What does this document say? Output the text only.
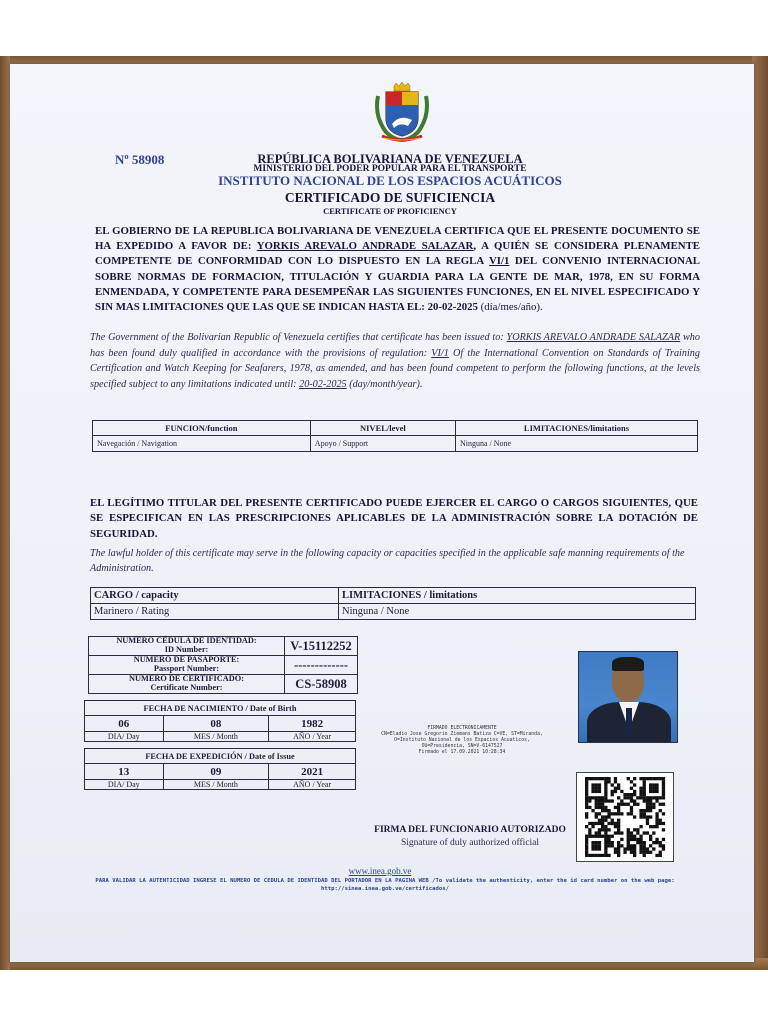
Nº 58908	REPÚBLICA BOLIVARIANA DE VENEZUELA
MINISTERIO DEL PODER POPULAR PARA EL TRANSPORTE
INSTITUTO NACIONAL DE LOS ESPACIOS ACUÁTICOS
CERTIFICADO DE SUFICIENCIA
CERTIFICATE OF PROFICIENCY
EL GOBIERNO DE LA REPUBLICA BOLIVARIANA DE VENEZUELA CERTIFICA QUE EL PRESENTE DOCUMENTO SE HA EXPEDIDO A FAVOR DE: YORKIS AREVALO ANDRADE SALAZAR, A QUIÉN SE CONSIDERA PLENAMENTE COMPETENTE DE CONFORMIDAD CON LO DISPUESTO EN LA REGLA VI/1 DEL CONVENIO INTERNACIONAL SOBRE NORMAS DE FORMACION, TITULACIÓN Y GUARDIA PARA LA GENTE DE MAR, 1978, EN SU FORMA ENMENDADA, Y COMPETENTE PARA DESEMPEÑAR LAS SIGUIENTES FUNCIONES, EN EL NIVEL ESPECIFICADO Y SIN MAS LIMITACIONES QUE LAS QUE SE INDICAN HASTA EL: 20-02-2025 (día/mes/año).
The Government of the Bolivarian Republic of Venezuela certifies that certificate has been issued to: YORKIS AREVALO ANDRADE SALAZAR who has been found duly qualified in accordance with the provisions of regulation: VI/1 Of the International Convention on Standards of Training Certification and Watch Keeping for Seafarers, 1978, as amended, and has been found competent to perform the following functions, at the levels specified subject to any limitations indicated until: 20-02-2025 (day/month/year).
FUNCION/function	NIVEL/level	LIMITACIONES/limitations
Navegación / Navigation	Apoyo / Support	Ninguna / None
EL LEGÍTIMO TITULAR DEL PRESENTE CERTIFICADO PUEDE EJERCER EL CARGO O CARGOS SIGUIENTES, QUE SE ESPECIFICAN EN LAS PRESCRIPCIONES APLICABLES DE LA ADMINISTRACIÓN SOBRE LA DOTACIÓN DE SEGURIDAD.
The lawful holder of this certificate may serve in the following capacity or capacities specified in the applicable safe manning requirements of the Administration.
CARGO / capacity	LIMITACIONES / limitations
Marinero / Rating	Ninguna / None
NUMERO CÉDULA DE IDENTIDAD:
ID Number:	V-15112252

NUMERO DE PASAPORTE:
Passport Number:	-------------

NUMERO DE CERTIFICADO:
Certificate Number:	CS-58908
FECHA DE NACIMIENTO / Date of Birth		
06	08	1982
DIA/ Day	MES / Month	AÑO / Year
FECHA DE EXPEDICIÓN / Date of Issue		
13	09	2021
DIA/ Day	MES / Month	AÑO / Year
FIRMADO ELECTRONICAMENTE
CN=Eladio Jose Gregorio Ziemans Batiza C=VE, ST=Miranda,
O=Instituto Nacional de los Espacios Acuaticos,
OU=Presidencia, SN=V-6147527
Firmado el 17.09.2021 10:28:34
FIRMA DEL FUNCIONARIO AUTORIZADO
Signature of duly authorized official
www.inea.gob.ve
PARA VALIDAR LA AUTENTICIDAD INGRESE EL NUMERO DE CEDULA DE IDENTIDAD DEL PORTADOR EN LA PAGINA WEB /To validate the authenticity, enter the id card number on the web page: http://sinea.inea.gob.ve/certificados/
